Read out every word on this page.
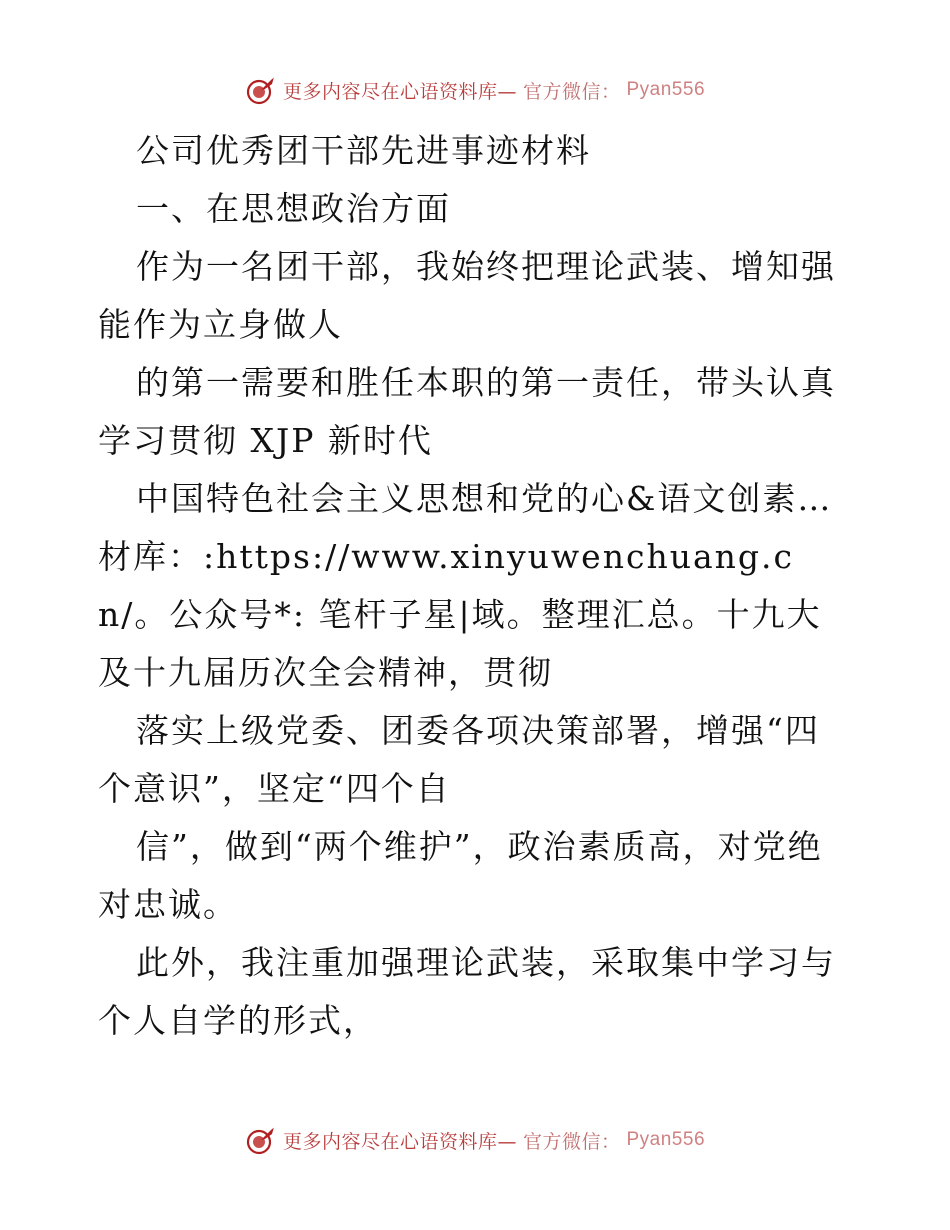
更多内容尽在心语资料库— 官方微信： Pyan556

公司优秀团干部先进事迹材料

一、在思想政治方面

作为一名团干部，我始终把理论武装、增知强能作为立身做人

的第一需要和胜任本职的第一责任，带头认真学习贯彻 XJP 新时代

中国特色社会主义思想和党的心&语文创素…材库：:https://www.xinyuwenchuang.cn/。公众号*: 笔杆子星|域。整理汇总。十九大及十九届历次全会精神，贯彻

落实上级党委、团委各项决策部署，增强“四个意识”，坚定“四个自

信”，做到“两个维护”，政治素质高，对党绝对忠诚。

此外，我注重加强理论武装，采取集中学习与个人自学的形式，

更多内容尽在心语资料库— 官方微信： Pyan556
